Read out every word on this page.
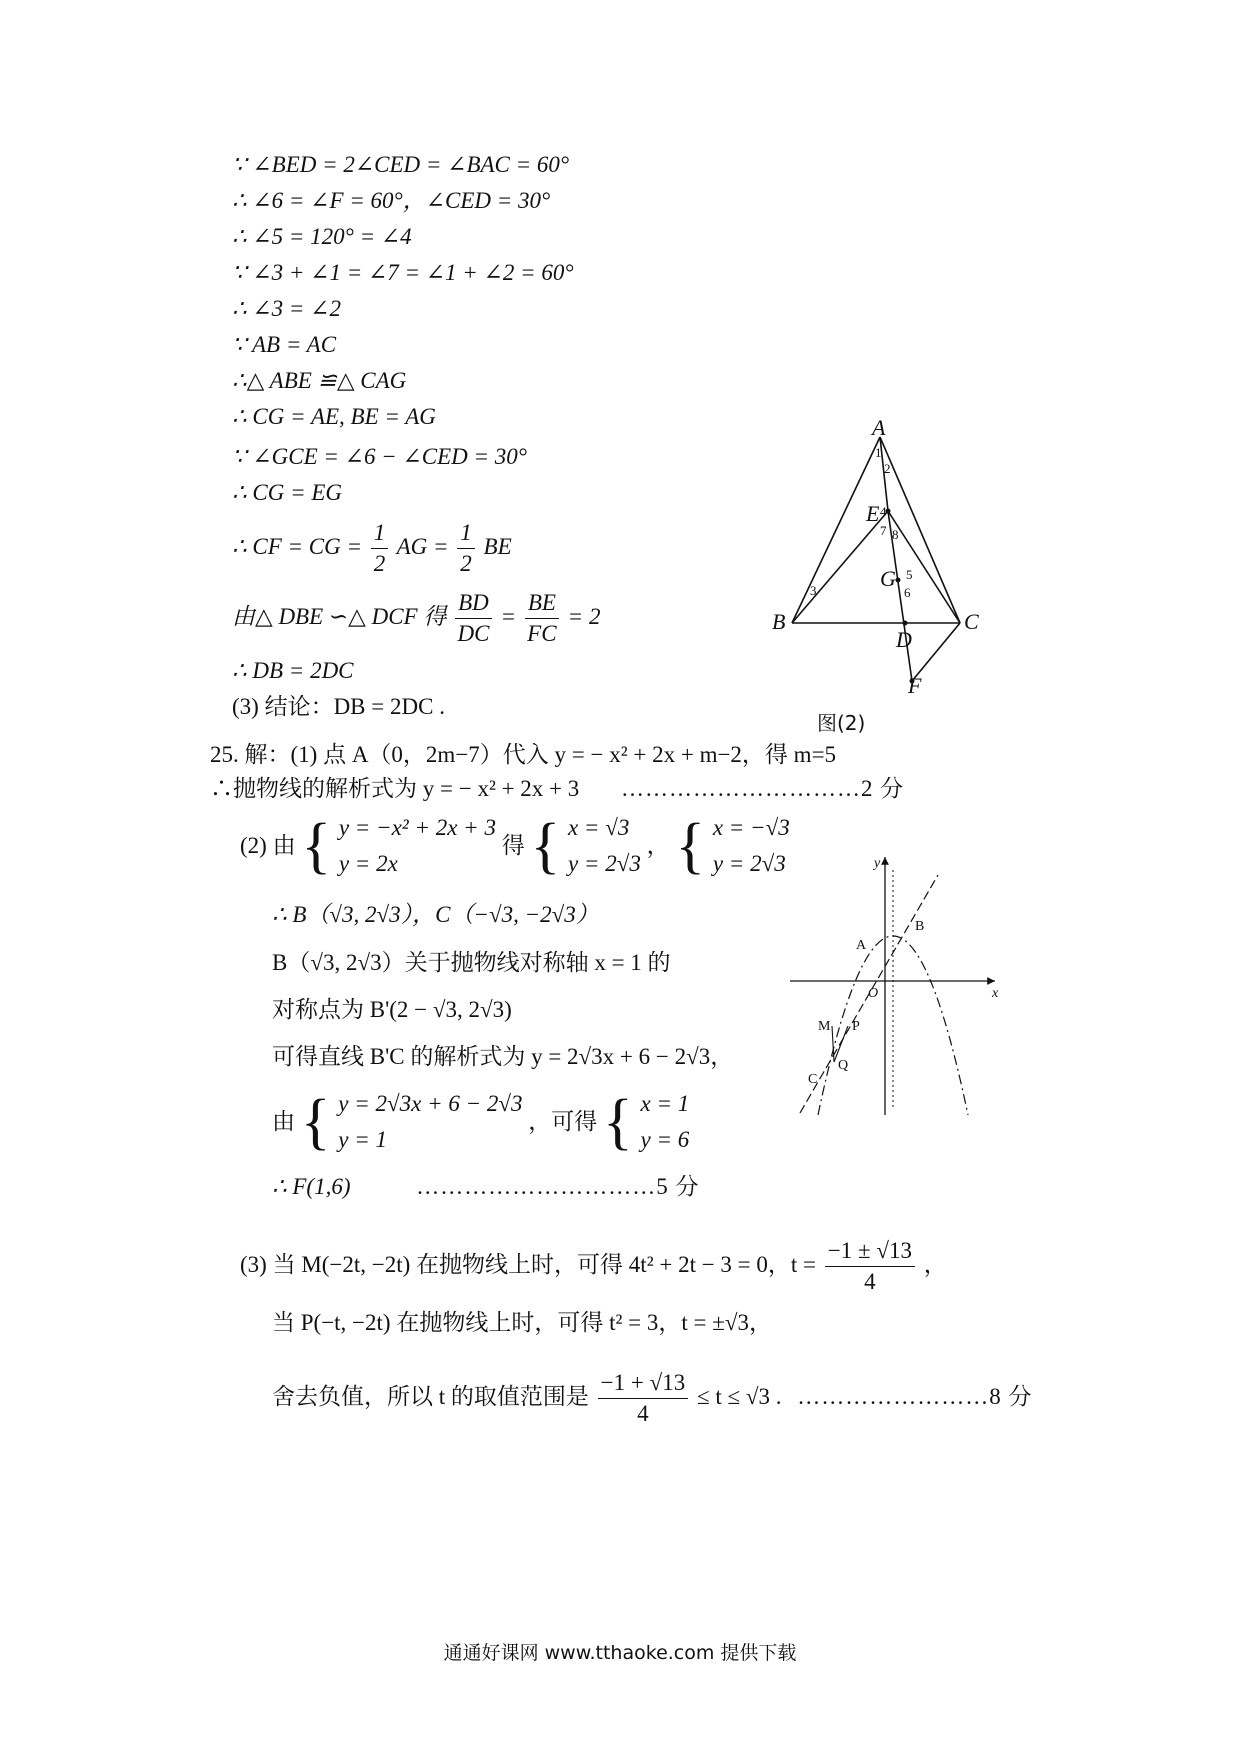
∵ ∠BED = 2∠CED = ∠BAC = 60°
∴ ∠6 = ∠F = 60°，∠CED = 30°
∴ ∠5 = 120° = ∠4
∵ ∠3 + ∠1 = ∠7 = ∠1 + ∠2 = 60°
∴ ∠3 = ∠2
∵ AB = AC
∴△ ABE ≌△ CAG
∴ CG = AE, BE = AG
∵ ∠GCE = ∠6 − ∠CED = 30°
∴ CG = EG
∴ CF = CG = $\frac{1}{2}$ AG = $\frac{1}{2}$ BE
由△ DBE ∽△ DCF 得 $\frac{BD}{DC} = \frac{BE}{FC} = 2$
∴ DB = 2DC
(3) 结论：DB = 2DC .
A
B	C
D
E
F
G
1
2
3
4
5
6
7 8
图(2)
25. 解：(1) 点 A（0，2m−7）代入 y = − x² + 2x + m−2，得 m=5
∴抛物线的解析式为 y = − x² + 2x + 3 …………………………2 分
(2) 由 { y = −x² + 2x + 3
y = 2x
得 { x = √3
y = 2√3
， { x = −√3
y = 2√3
∴ B（√3, 2√3），C（−√3, −2√3）
B（√3, 2√3）关于抛物线对称轴 x = 1 的
对称点为 B'(2 − √3, 2√3)
可得直线 B'C 的解析式为 y = 2√3x + 6 − 2√3，
由 { y = 2√3x + 6 − 2√3
y = 1
，可得 { x = 1
y = 6
∴ F(1,6)	…………………………5 分
(3) 当 M(−2t, −2t) 在抛物线上时，可得 4t² + 2t − 3 = 0，$t = \frac{-1 \pm √13}{4}$ ，
当 P(−t, −2t) 在抛物线上时，可得 t² = 3，t = ±√3，
舍去负值，所以 t 的取值范围是 $\frac{-1 + √13}{4} \le t \le √3$ . ……………………8 分
x
y
A
B
O
M P
Q
C
通通好课网 www.tthaoke.com 提供下载
